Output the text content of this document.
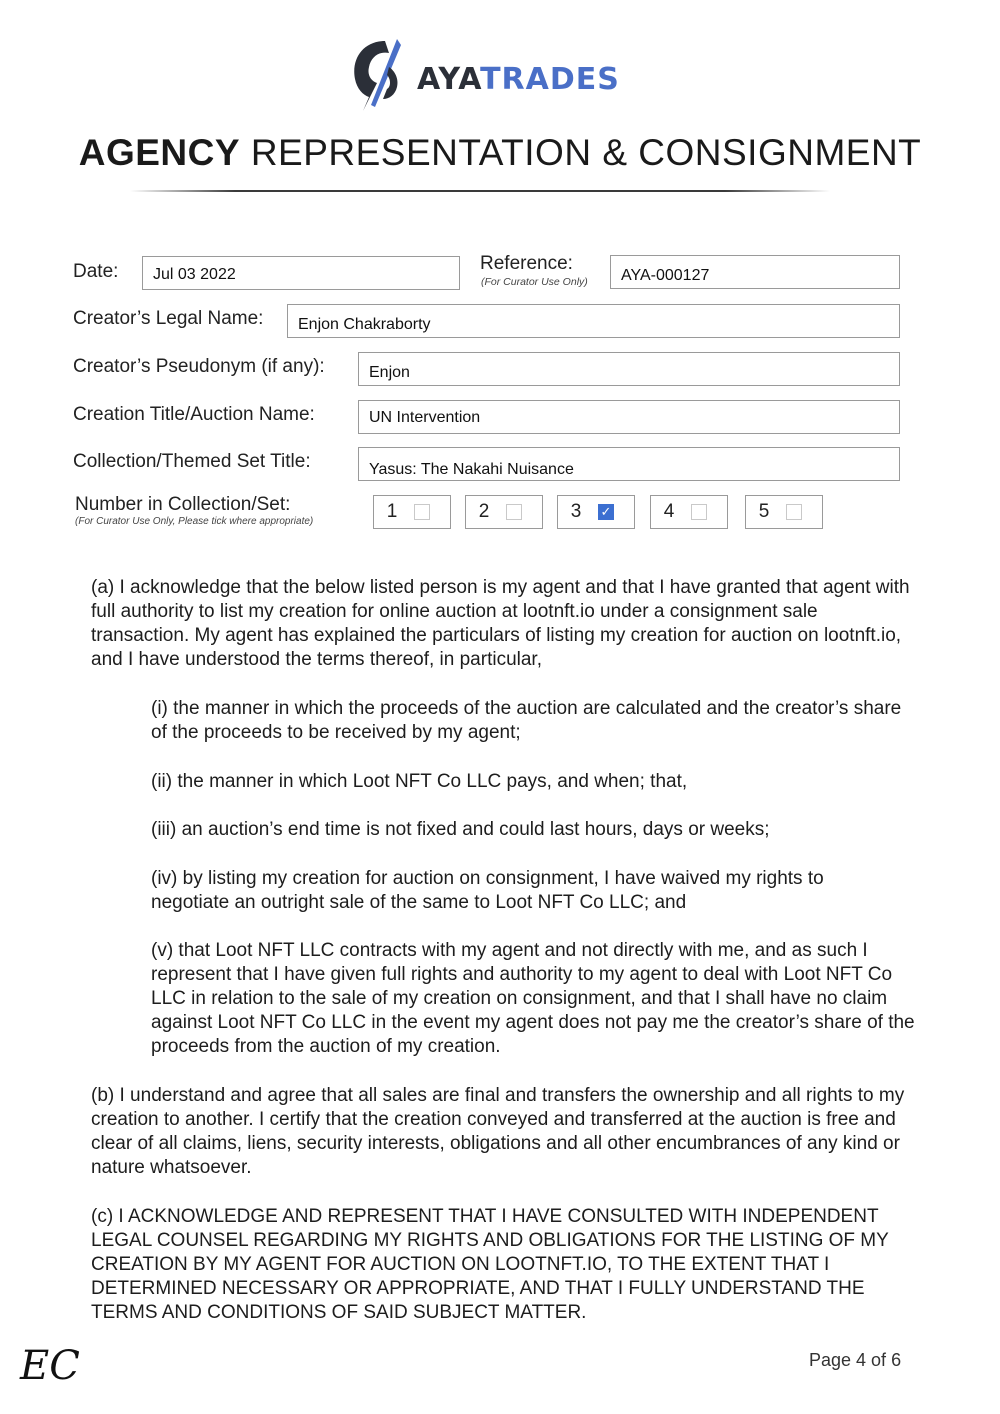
AYATRADES
AGENCY REPRESENTATION & CONSIGNMENT
Date:	Jul 03 2022
Reference:
(For Curator Use Only)	AYA-000127
Creator’s Legal Name:	Enjon Chakraborty
Creator’s Pseudonym (if any):	Enjon
Creation Title/Auction Name:	UN Intervention
Collection/Themed Set Title:	Yasus: The Nakahi Nuisance
Number in Collection/Set:
(For Curator Use Only, Please tick where appropriate)	1	2	3	✓	4	5
(a) I acknowledge that the below listed person is my agent and that I have granted that agent with full authority to list my creation for online auction at lootnft.io under a consignment sale transaction. My agent has explained the particulars of listing my creation for auction on lootnft.io, and I have understood the terms thereof, in particular,
(i) the manner in which the proceeds of the auction are calculated and the creator’s share of the proceeds to be received by my agent;
(ii) the manner in which Loot NFT Co LLC pays, and when; that,
(iii) an auction’s end time is not fixed and could last hours, days or weeks;
(iv) by listing my creation for auction on consignment, I have waived my rights to negotiate an outright sale of the same to Loot NFT Co LLC; and
(v) that Loot NFT LLC contracts with my agent and not directly with me, and as such I represent that I have given full rights and authority to my agent to deal with Loot NFT Co LLC in relation to the sale of my creation on consignment, and that I shall have no claim against Loot NFT Co LLC in the event my agent does not pay me the creator’s share of the proceeds from the auction of my creation.
(b) I understand and agree that all sales are final and transfers the ownership and all rights to my creation to another. I certify that the creation conveyed and transferred at the auction is free and clear of all claims, liens, security interests, obligations and all other encumbrances of any kind or nature whatsoever.
(c) I ACKNOWLEDGE AND REPRESENT THAT I HAVE CONSULTED WITH INDEPENDENT LEGAL COUNSEL REGARDING MY RIGHTS AND OBLIGATIONS FOR THE LISTING OF MY CREATION BY MY AGENT FOR AUCTION ON LOOTNFT.IO, TO THE EXTENT THAT I DETERMINED NECESSARY OR APPROPRIATE, AND THAT I FULLY UNDERSTAND THE TERMS AND CONDITIONS OF SAID SUBJECT MATTER.
EC	Page 4 of 6
